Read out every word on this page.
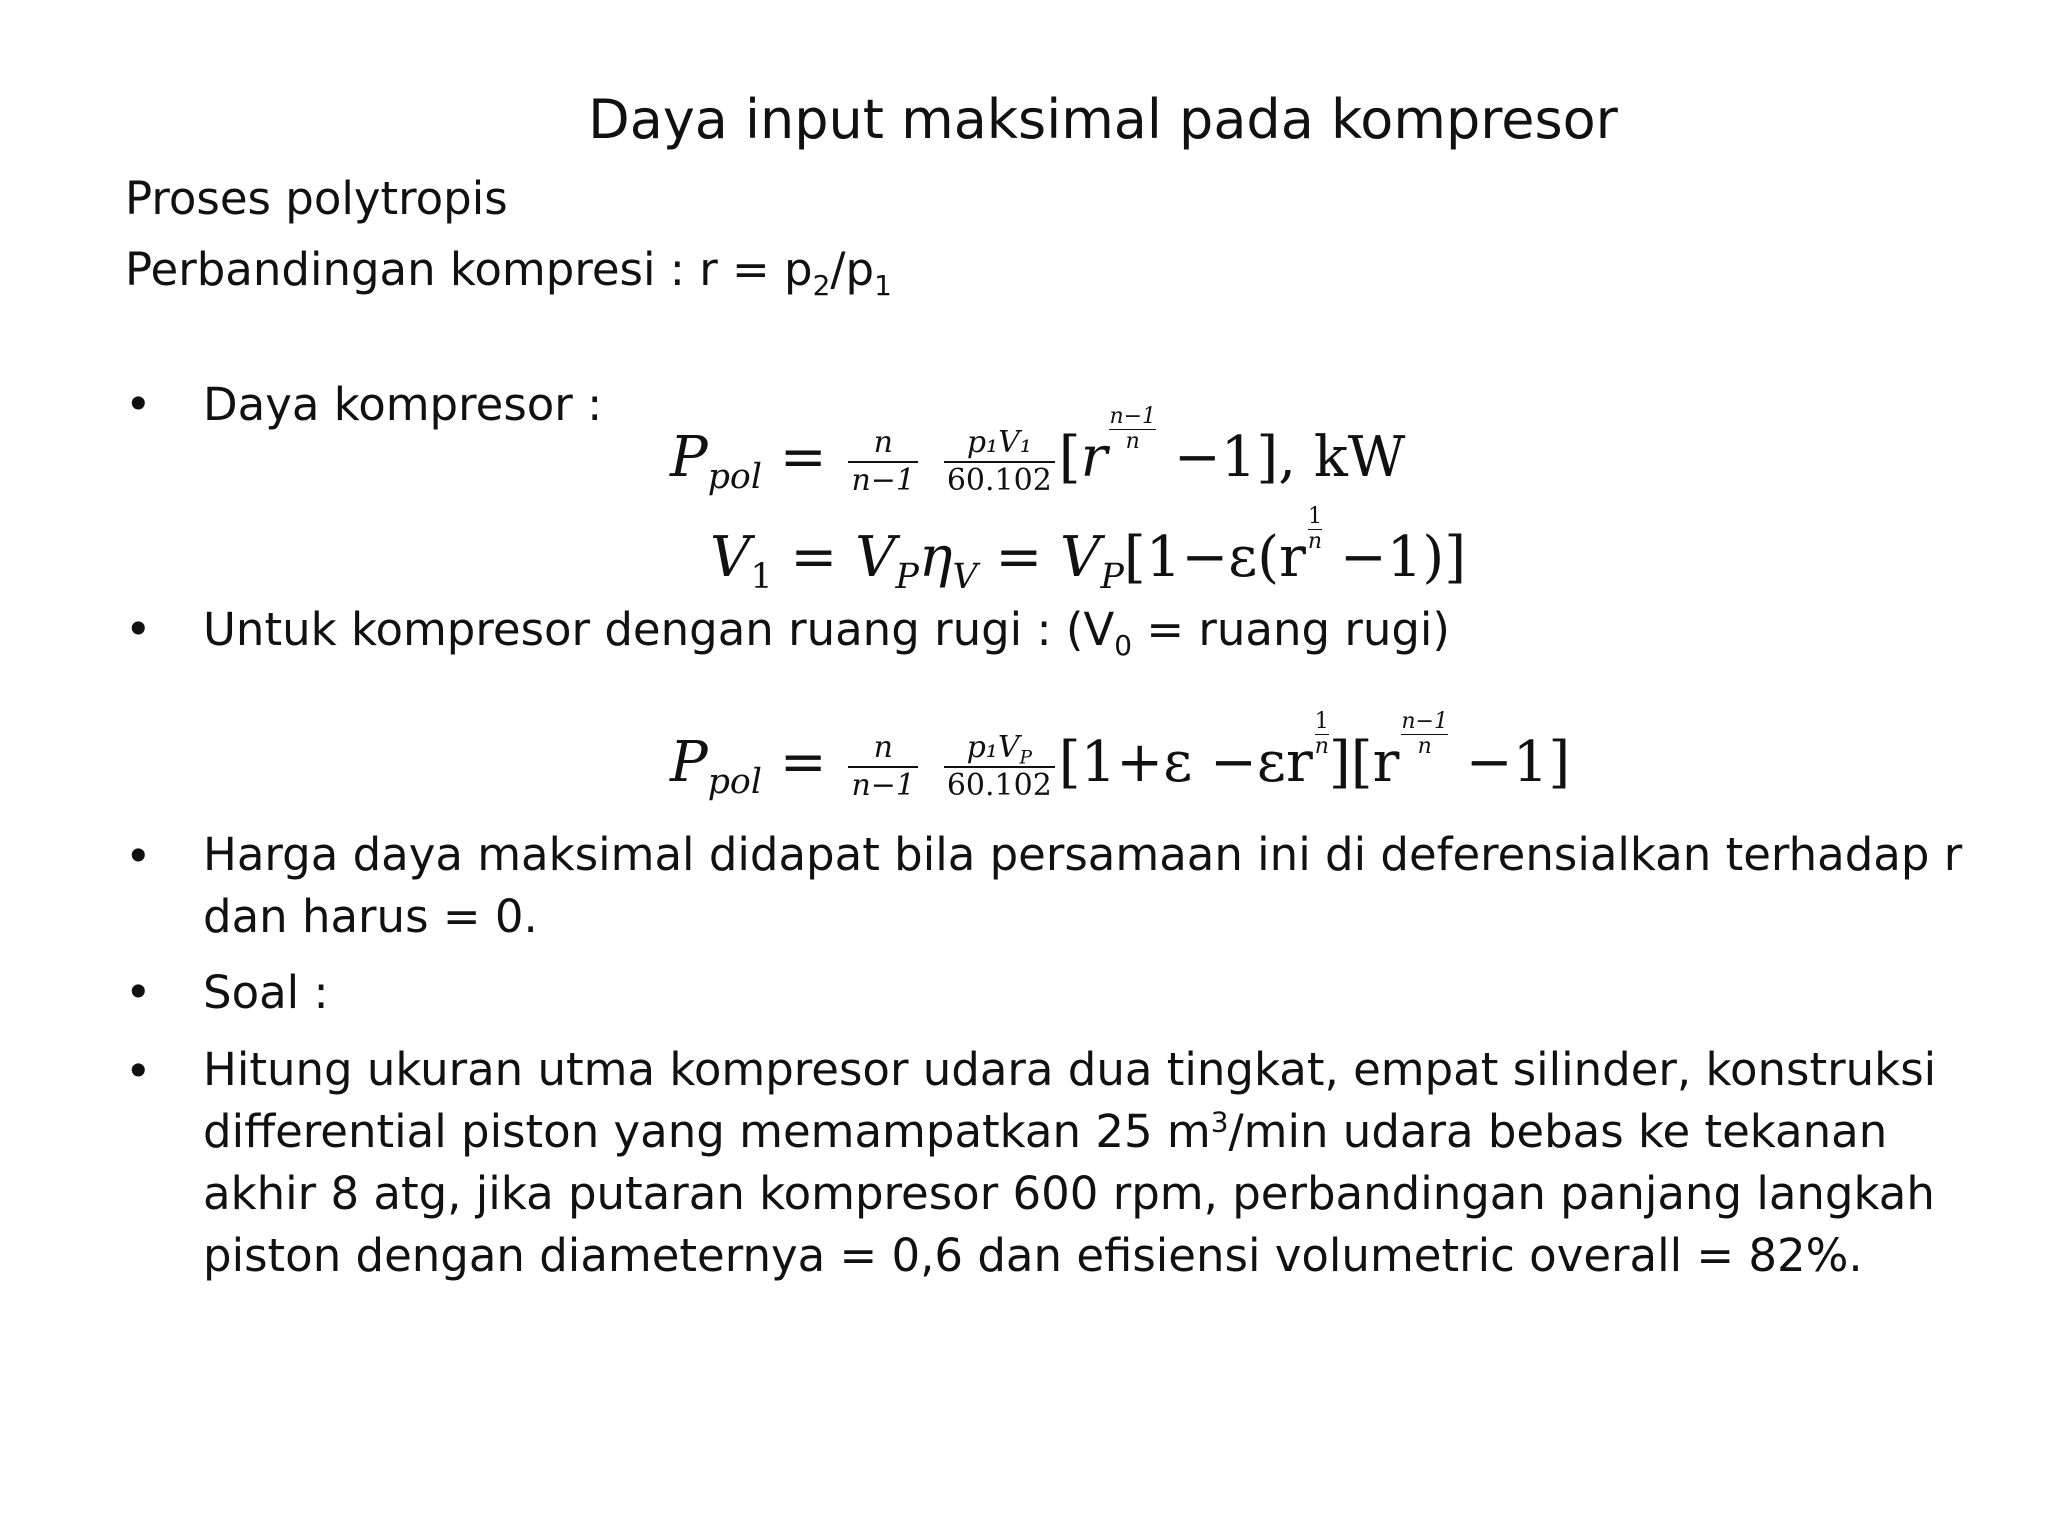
Daya input maksimal pada kompresor
Proses polytropis
Perbandingan kompresi : $r = p_2/p_1$
• Daya kompresor :
$P_{pol} = \frac{n}{n-1}$
$\frac{\text{p₁V₁}}{60.102} [r \frac{n-1}{n} -1]$, kW
$V_1 = V_P\eta_V = V_P[1-\varepsilon(r \frac{1}{n} -1)]$
• Untuk kompresor dengan ruang rugi : ($V_0$ = ruang rugi)
$P_{pol} = \frac{n}{n-1}$
$\frac{p_1V_P}{60.102} [1+\varepsilon -\varepsilon r \frac{1}{n} ][r \frac{n-1}{n} -1]$
• Harga daya maksimal didapat bila persamaan ini di deferensialkan terhadap r dan harus = 0.
• Soal :
• Hitung ukuran utma kompresor udara dua tingkat, empat silinder, konstruksi differential piston yang memampatkan 25 $m^3/\min$ udara bebas ke tekanan akhir 8 atg, jika putaran kompresor 600 rpm, perbandingan panjang langkah piston dengan diameternya = 0,6 dan efisiensi volumetric overall = 82%.
